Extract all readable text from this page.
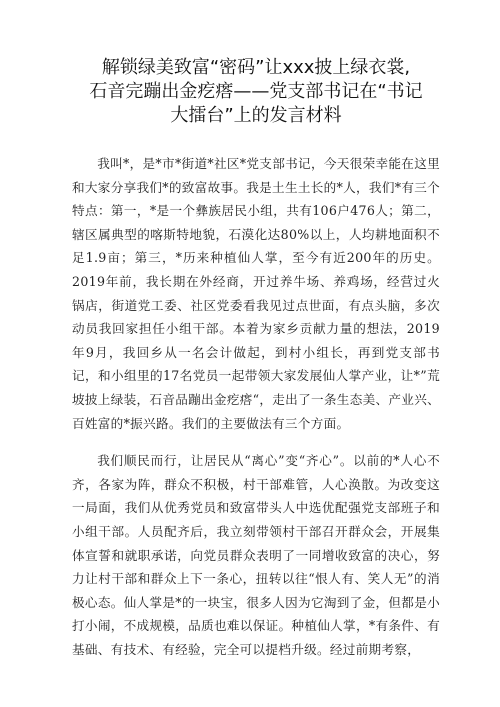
解锁绿美致富“密码”让xxx披上绿衣裳,
石音完蹦出金疙瘩——党支部书记在“书记
大擂台”上的发言材料

我叫*，是*市*街道*社区*党支部书记，今天很荣幸能在这里和大家分享我们*的致富故事。我是土生土长的*人，我们*有三个特点：第一，*是一个彝族居民小组，共有106户476人；第二，辖区属典型的喀斯特地貌，石漠化达80%以上，人均耕地面积不足1.9亩；第三，*历来种植仙人掌，至今有近200年的历史。2019年前，我长期在外经商，开过养牛场、养鸡场，经营过火锅店，街道党工委、社区党委看我见过点世面，有点头脑，多次动员我回家担任小组干部。本着为家乡贡献力量的想法，2019年9月，我回乡从一名会计做起，到村小组长，再到党支部书记，和小组里的17名党员一起带领大家发展仙人掌产业，让*”荒坡披上绿装，石音品蹦出金疙瘩“，走出了一条生态美、产业兴、百姓富的*振兴路。我们的主要做法有三个方面。

我们顺民而行，让居民从“离心”变“齐心”。以前的*人心不齐，各家为阵，群众不积极，村干部难管，人心涣散。为改变这一局面，我们从优秀党员和致富带头人中选优配强党支部班子和小组干部。人员配齐后，我立刻带领村干部召开群众会，开展集体宣誓和就职承诺，向党员群众表明了一同增收致富的决心，努力让村干部和群众上下一条心，扭转以往“恨人有、笑人无”的消极心态。仙人掌是*的一块宝，很多人因为它淘到了金，但都是小打小闹，不成规模，品质也难以保证。种植仙人掌，*有条件、有基础、有技术、有经验，完全可以提档升级。经过前期考察，
